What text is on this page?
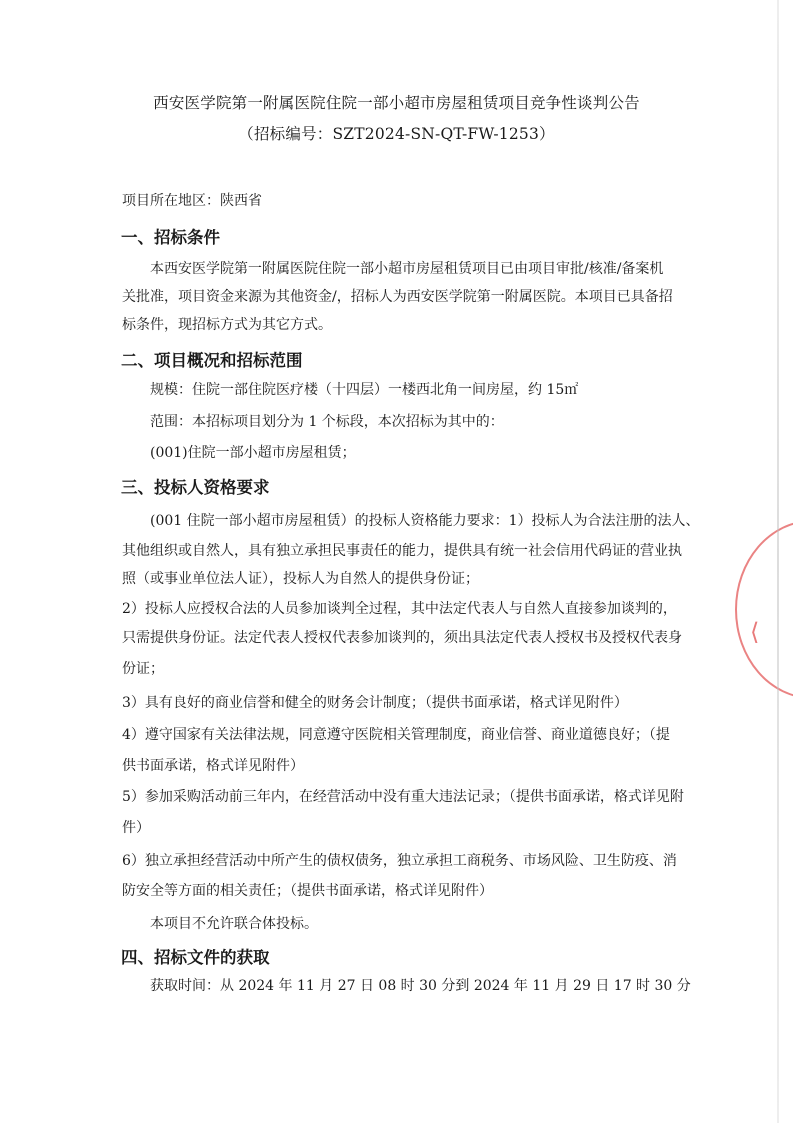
西安医学院第一附属医院住院一部小超市房屋租赁项目竞争性谈判公告
（招标编号：SZT2024-SN-QT-FW-1253）
项目所在地区：陕西省
一、招标条件
本西安医学院第一附属医院住院一部小超市房屋租赁项目已由项目审批/核准/备案机
关批准，项目资金来源为其他资金/，招标人为西安医学院第一附属医院。本项目已具备招
标条件，现招标方式为其它方式。
二、项目概况和招标范围
规模：住院一部住院医疗楼（十四层）一楼西北角一间房屋，约 15㎡
范围：本招标项目划分为 1 个标段，本次招标为其中的：
(001)住院一部小超市房屋租赁；
三、投标人资格要求
(001 住院一部小超市房屋租赁）的投标人资格能力要求：1）投标人为合法注册的法人、
其他组织或自然人，具有独立承担民事责任的能力，提供具有统一社会信用代码证的营业执
照（或事业单位法人证），投标人为自然人的提供身份证；
2）投标人应授权合法的人员参加谈判全过程，其中法定代表人与自然人直接参加谈判的，
只需提供身份证。法定代表人授权代表参加谈判的，须出具法定代表人授权书及授权代表身
份证；
3）具有良好的商业信誉和健全的财务会计制度；（提供书面承诺，格式详见附件）
4）遵守国家有关法律法规，同意遵守医院相关管理制度，商业信誉、商业道德良好；（提
供书面承诺，格式详见附件）
5）参加采购活动前三年内，在经营活动中没有重大违法记录；（提供书面承诺，格式详见附
件）
6）独立承担经营活动中所产生的债权债务，独立承担工商税务、市场风险、卫生防疫、消
防安全等方面的相关责任；（提供书面承诺，格式详见附件）
本项目不允许联合体投标。
四、招标文件的获取
获取时间：从 2024 年 11 月 27 日 08 时 30 分到 2024 年 11 月 29 日 17 时 30 分
⟨
